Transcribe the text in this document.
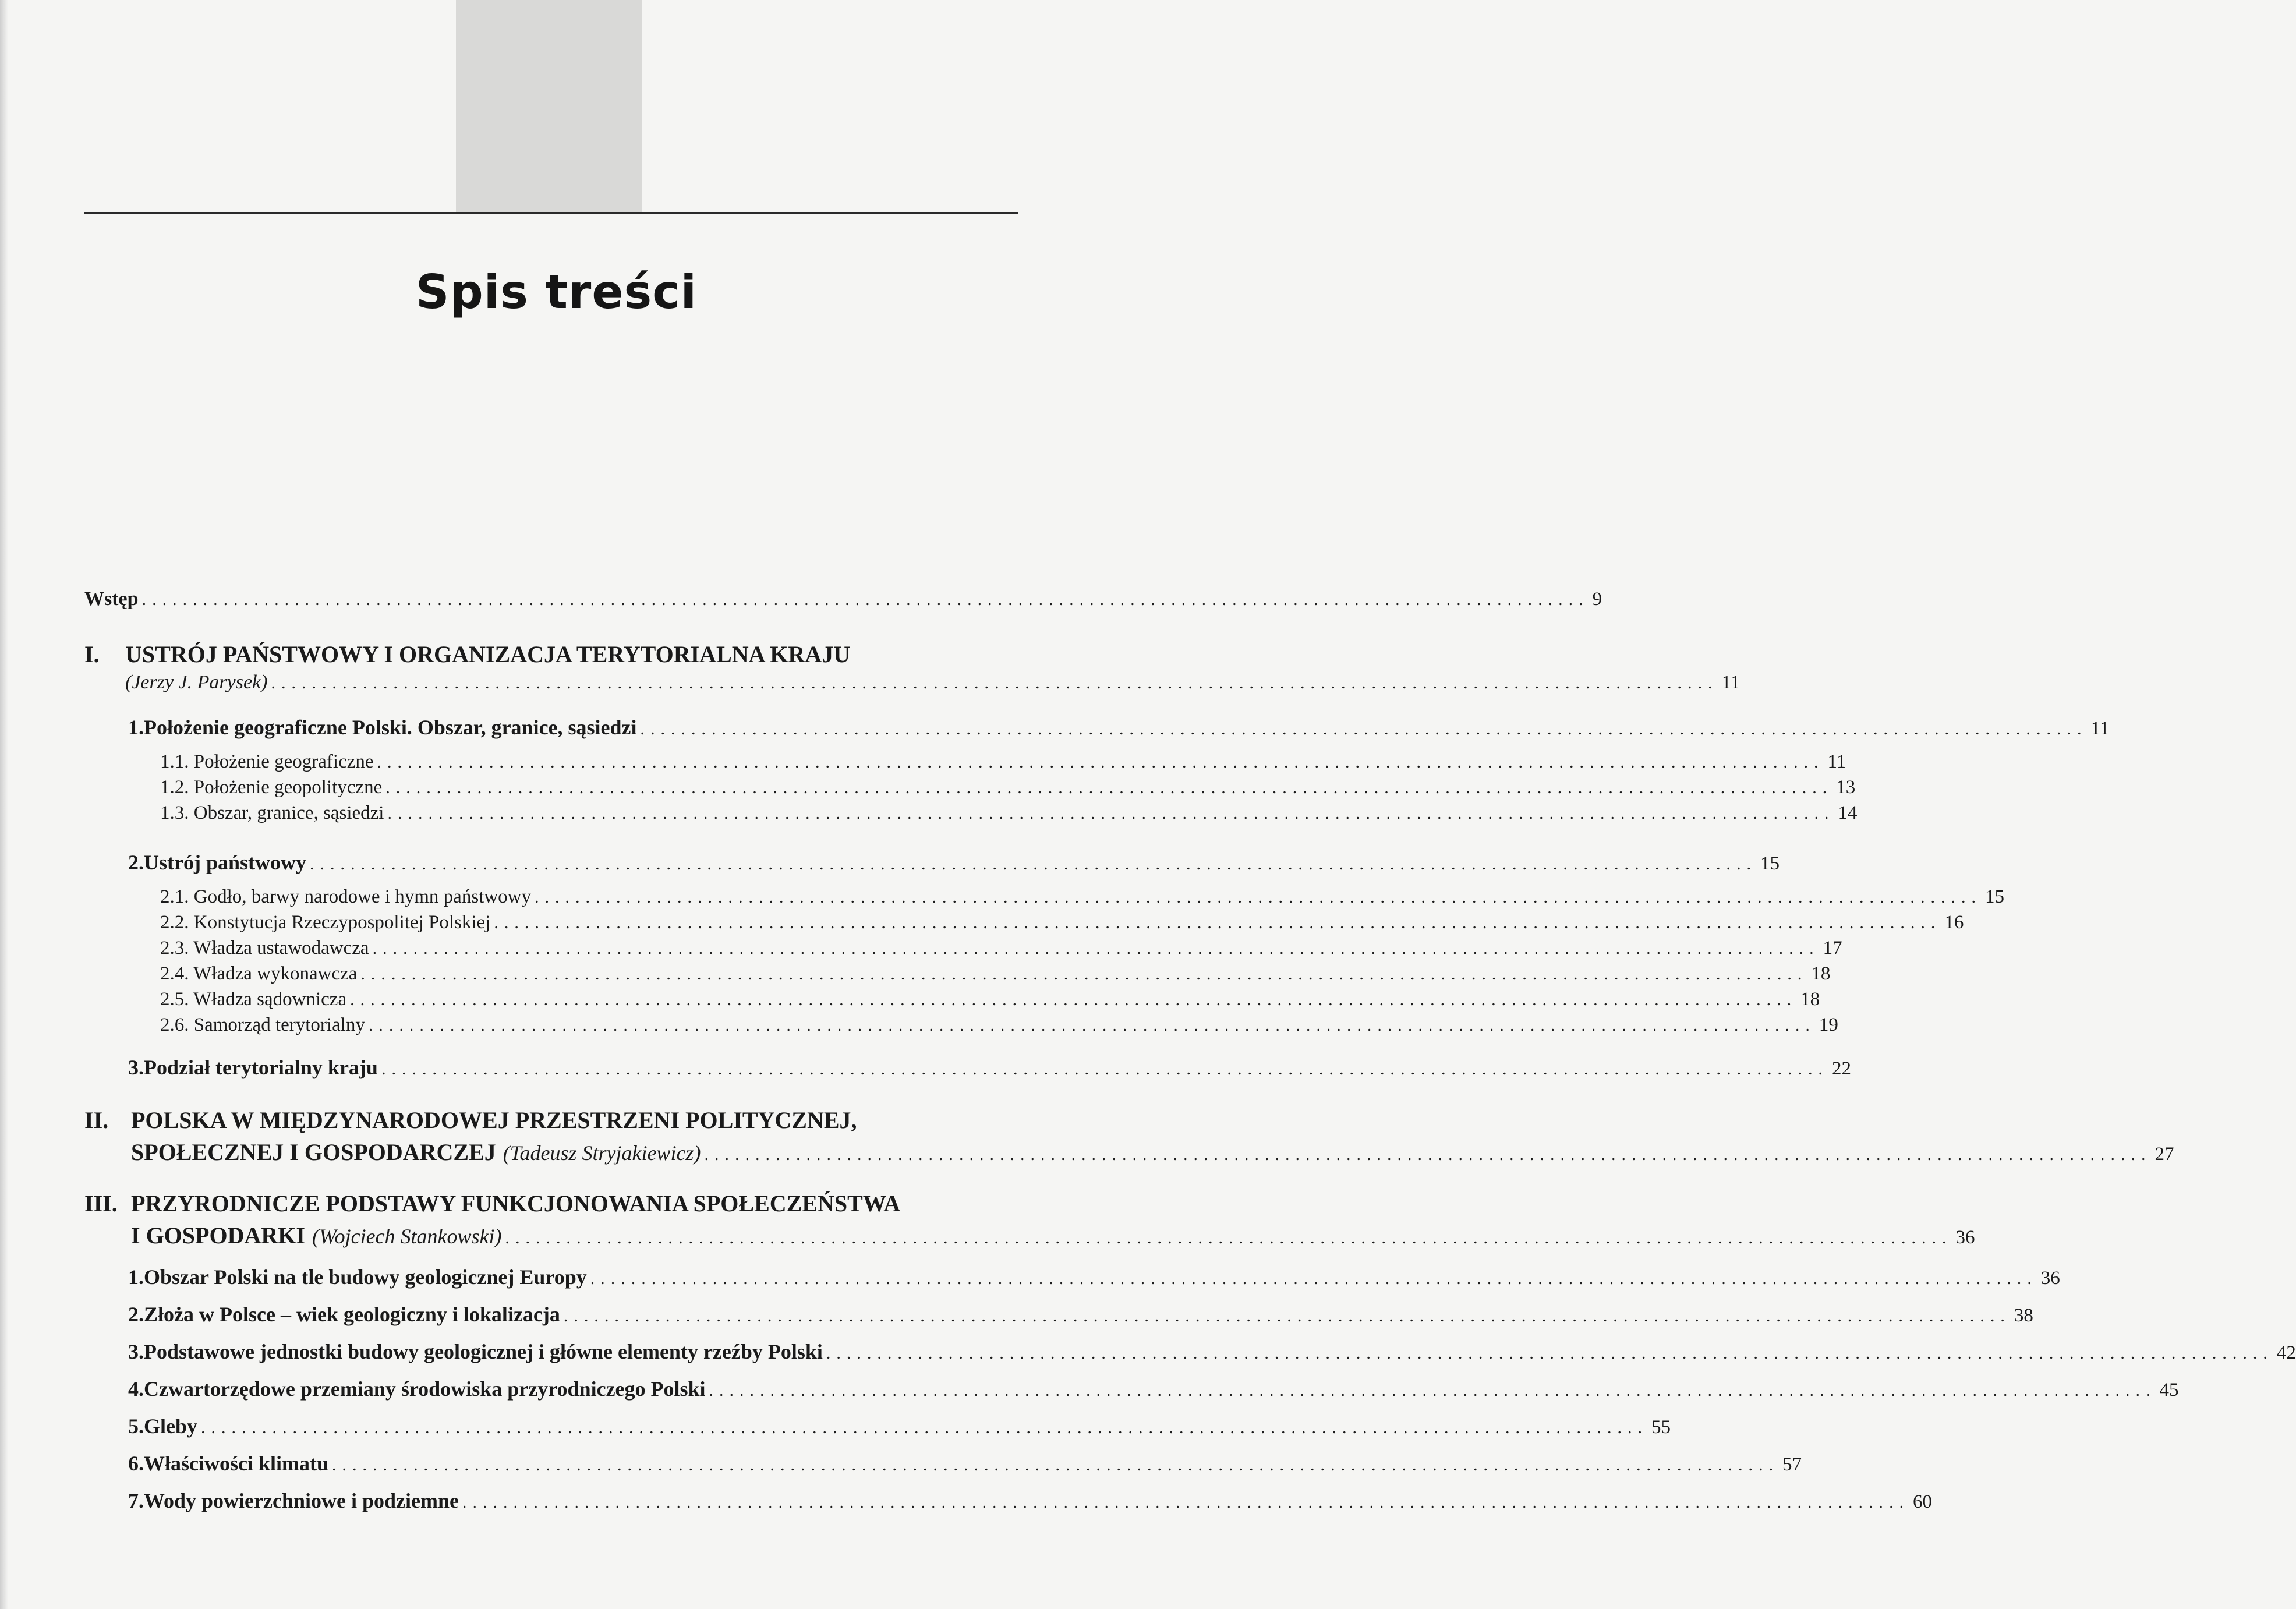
Spis treści
Wstęp .............................................................................................................................................. 9
I.	USTRÓJ PAŃSTWOWY I ORGANIZACJA TERYTORIALNA KRAJU
(Jerzy J. Parysek) .............................................................................................................................................. 11
1. Położenie geograficzne Polski. Obszar, granice, sąsiedzi .............................................................................................................................................. 11
1.1. Położenie geograficzne .............................................................................................................................................. 11
1.2. Położenie geopolityczne .............................................................................................................................................. 13
1.3. Obszar, granice, sąsiedzi .............................................................................................................................................. 14
2. Ustrój państwowy .............................................................................................................................................. 15
2.1. Godło, barwy narodowe i hymn państwowy .............................................................................................................................................. 15
2.2. Konstytucja Rzeczypospolitej Polskiej .............................................................................................................................................. 16
2.3. Władza ustawodawcza .............................................................................................................................................. 17
2.4. Władza wykonawcza .............................................................................................................................................. 18
2.5. Władza sądownicza .............................................................................................................................................. 18
2.6. Samorząd terytorialny .............................................................................................................................................. 19
3. Podział terytorialny kraju .............................................................................................................................................. 22
II. POLSKA W MIĘDZYNARODOWEJ PRZESTRZENI POLITYCZNEJ,
SPOŁECZNEJ I GOSPODARCZEJ (Tadeusz Stryjakiewicz) .............................................................................................................................................. 27
III. PRZYRODNICZE PODSTAWY FUNKCJONOWANIA SPOŁECZEŃSTWA
I GOSPODARKI (Wojciech Stankowski) .............................................................................................................................................. 36
1. Obszar Polski na tle budowy geologicznej Europy .............................................................................................................................................. 36
2. Złoża w Polsce – wiek geologiczny i lokalizacja .............................................................................................................................................. 38
3. Podstawowe jednostki budowy geologicznej i główne elementy rzeźby Polski .............................................................................................................................................. 42
4. Czwartorzędowe przemiany środowiska przyrodniczego Polski .............................................................................................................................................. 45
5. Gleby .............................................................................................................................................. 55
6. Właściwości klimatu .............................................................................................................................................. 57
7. Wody powierzchniowe i podziemne .............................................................................................................................................. 60
